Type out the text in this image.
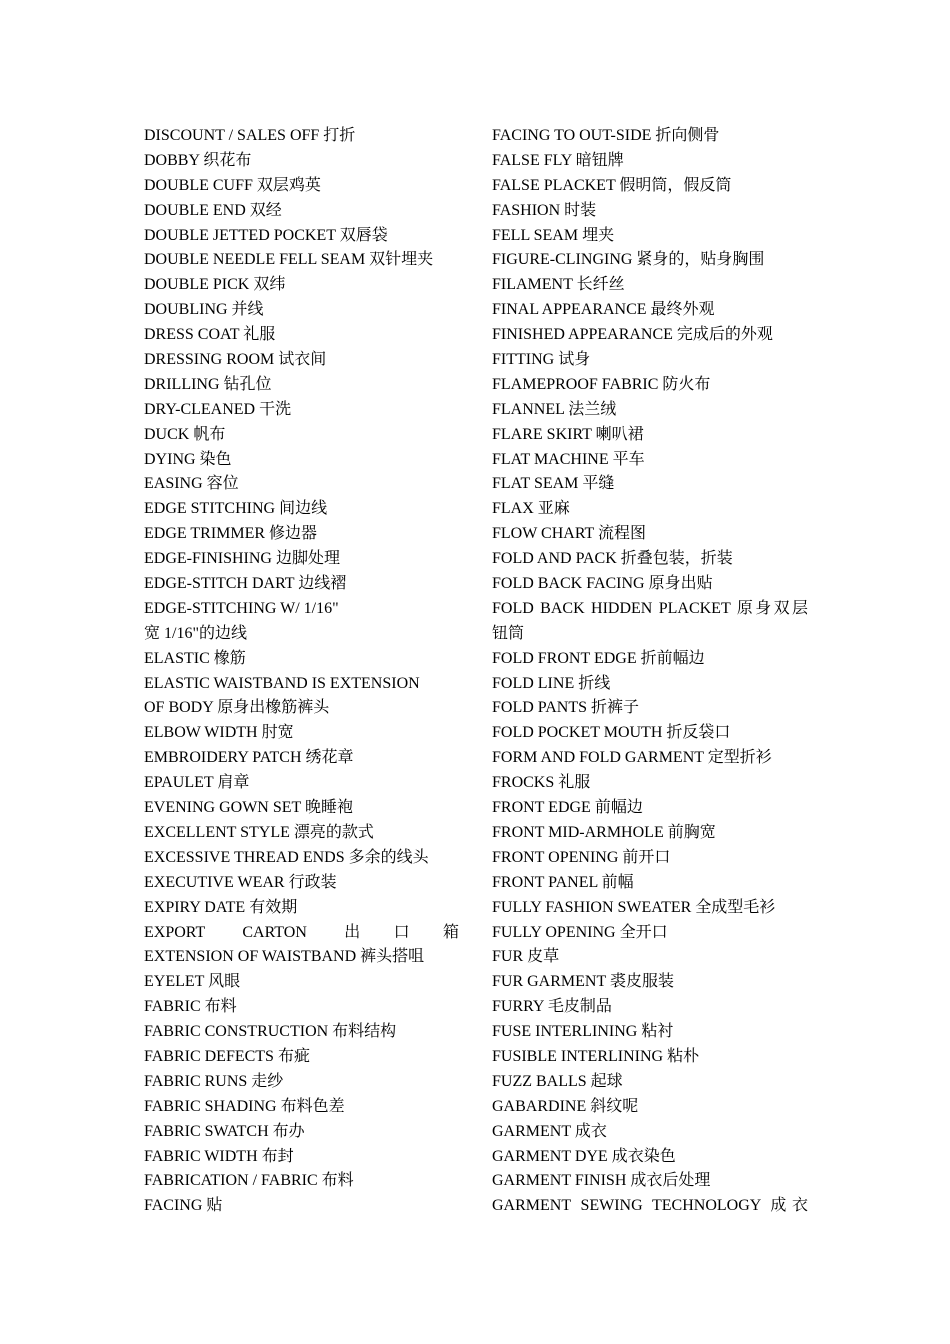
DISCOUNT / SALES OFF 打折
DOBBY 织花布
DOUBLE CUFF 双层鸡英
DOUBLE END 双经
DOUBLE JETTED POCKET 双唇袋
DOUBLE NEEDLE FELL SEAM 双针埋夹
DOUBLE PICK 双纬
DOUBLING 并线
DRESS COAT 礼服
DRESSING ROOM 试衣间
DRILLING 钻孔位
DRY-CLEANED 干洗
DUCK 帆布
DYING 染色
EASING 容位
EDGE STITCHING 间边线
EDGE TRIMMER 修边器
EDGE-FINISHING 边脚处理
EDGE-STITCH DART 边线褶
EDGE-STITCHING W/ 1/16"
宽 1/16"的边线
ELASTIC 橡筋
ELASTIC WAISTBAND IS EXTENSION
OF BODY 原身出橡筋裤头
ELBOW WIDTH 肘宽
EMBROIDERY PATCH 绣花章
EPAULET 肩章
EVENING GOWN SET 晚睡袍
EXCELLENT STYLE 漂亮的款式
EXCESSIVE THREAD ENDS 多余的线头
EXECUTIVE WEAR 行政装
EXPIRY DATE 有效期
EXPORT CARTON 出口箱
EXTENSION OF WAISTBAND 裤头搭咀
EYELET 风眼
FABRIC 布料
FABRIC CONSTRUCTION 布料结构
FABRIC DEFECTS 布疵
FABRIC RUNS 走纱
FABRIC SHADING 布料色差
FABRIC SWATCH 布办
FABRIC WIDTH 布封
FABRICATION / FABRIC 布料
FACING 贴
FACING TO OUT-SIDE 折向侧骨
FALSE FLY 暗钮牌
FALSE PLACKET 假明筒，假反筒
FASHION 时装
FELL SEAM 埋夹
FIGURE-CLINGING 紧身的，贴身胸围
FILAMENT 长纤丝
FINAL APPEARANCE 最终外观
FINISHED APPEARANCE 完成后的外观
FITTING 试身
FLAMEPROOF FABRIC 防火布
FLANNEL 法兰绒
FLARE SKIRT 喇叭裙
FLAT MACHINE 平车
FLAT SEAM 平缝
FLAX 亚麻
FLOW CHART 流程图
FOLD AND PACK 折叠包装，折装
FOLD BACK FACING 原身出贴
FOLD BACK HIDDEN PLACKET 原身双层
钮筒
FOLD FRONT EDGE 折前幅边
FOLD LINE 折线
FOLD PANTS 折裤子
FOLD POCKET MOUTH 折反袋口
FORM AND FOLD GARMENT 定型折衫
FROCKS 礼服
FRONT EDGE 前幅边
FRONT MID-ARMHOLE 前胸宽
FRONT OPENING 前开口
FRONT PANEL 前幅
FULLY FASHION SWEATER 全成型毛衫
FULLY OPENING 全开口
FUR 皮草
FUR GARMENT 裘皮服装
FURRY 毛皮制品
FUSE INTERLINING 粘衬
FUSIBLE INTERLINING 粘朴
FUZZ BALLS 起球
GABARDINE 斜纹呢
GARMENT 成衣
GARMENT DYE 成衣染色
GARMENT FINISH 成衣后处理
GARMENT SEWING TECHNOLOGY 成衣
